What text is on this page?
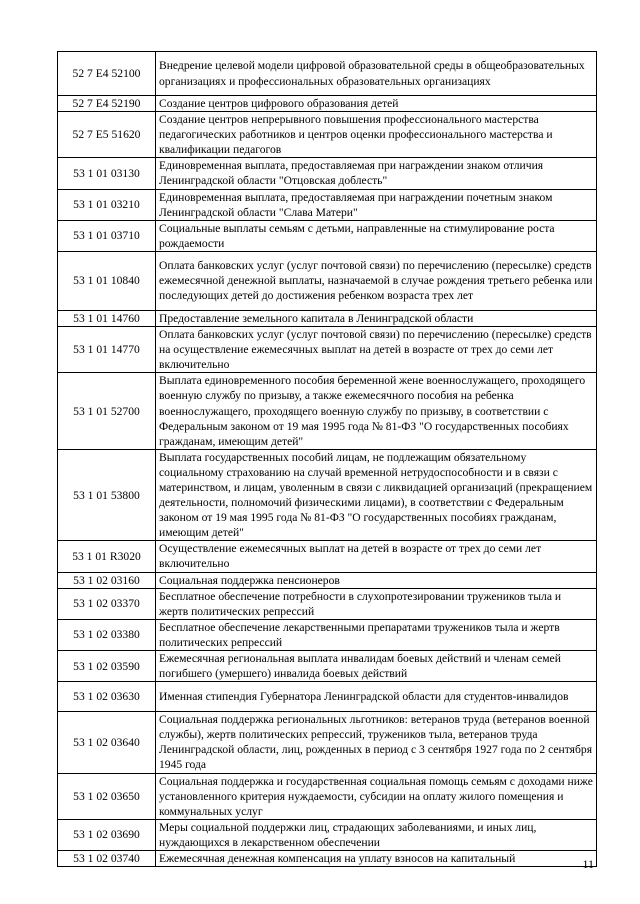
52 7 E4 52100	Внедрение целевой модели цифровой образовательной среды в общеобразовательных организациях и профессиональных образовательных организациях
52 7 E4 52190	Создание центров цифрового образования детей
52 7 E5 51620	Создание центров непрерывного повышения профессионального мастерства педагогических работников и центров оценки профессионального мастерства и квалификации педагогов
53 1 01 03130	Единовременная выплата, предоставляемая при награждении знаком отличия Ленинградской области "Отцовская доблесть"
53 1 01 03210	Единовременная выплата, предоставляемая при награждении почетным знаком Ленинградской области "Слава Матери"
53 1 01 03710	Социальные выплаты семьям с детьми, направленные на стимулирование роста рождаемости
53 1 01 10840	Оплата банковских услуг (услуг почтовой связи) по перечислению (пересылке) средств ежемесячной денежной выплаты, назначаемой в случае рождения третьего ребенка или последующих детей до достижения ребенком возраста трех лет
53 1 01 14760	Предоставление земельного капитала в Ленинградской области
53 1 01 14770	Оплата банковских услуг (услуг почтовой связи) по перечислению (пересылке) средств на осуществление ежемесячных выплат на детей в возрасте от трех до семи лет включительно
53 1 01 52700	Выплата единовременного пособия беременной жене военнослужащего, проходящего военную службу по призыву, а также ежемесячного пособия на ребенка военнослужащего, проходящего военную службу по призыву, в соответствии с Федеральным законом от 19 мая 1995 года № 81-ФЗ "О государственных пособиях гражданам, имеющим детей"
53 1 01 53800	Выплата государственных пособий лицам, не подлежащим обязательному социальному страхованию на случай временной нетрудоспособности и в связи с материнством, и лицам, уволенным в связи с ликвидацией организаций (прекращением деятельности, полномочий физическими лицами), в соответствии с Федеральным законом от 19 мая 1995 года № 81-ФЗ "О государственных пособиях гражданам, имеющим детей"
53 1 01 R3020	Осуществление ежемесячных выплат на детей в возрасте от трех до семи лет включительно
53 1 02 03160	Социальная поддержка пенсионеров
53 1 02 03370	Бесплатное обеспечение потребности в слухопротезировании тружеников тыла и жертв политических репрессий
53 1 02 03380	Бесплатное обеспечение лекарственными препаратами тружеников тыла и жертв политических репрессий
53 1 02 03590	Ежемесячная региональная выплата инвалидам боевых действий и членам семей погибшего (умершего) инвалида боевых действий
53 1 02 03630	Именная стипендия Губернатора Ленинградской области для студентов-инвалидов
53 1 02 03640	Социальная поддержка региональных льготников: ветеранов труда (ветеранов военной службы), жертв политических репрессий, тружеников тыла, ветеранов труда Ленинградской области, лиц, рожденных в период с 3 сентября 1927 года по 2 сентября 1945 года
53 1 02 03650	Социальная поддержка и государственная социальная помощь семьям с доходами ниже установленного критерия нуждаемости, субсидии на оплату жилого помещения и коммунальных услуг
53 1 02 03690	Меры социальной поддержки лиц, страдающих заболеваниями, и иных лиц, нуждающихся в лекарственном обеспечении
53 1 02 03740	Ежемесячная денежная компенсация на уплату взносов на капитальный	11
